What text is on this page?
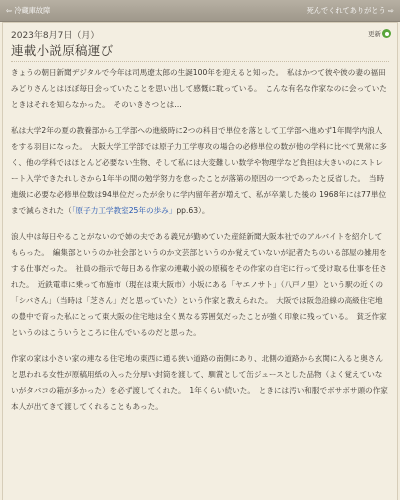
⇦ 冷蔵庫故障	死んでくれてありがとう ⇨
2023年8月7日（月）
連載小説原稿運び
更新

きょうの朝日新聞デジタルで今年は司馬遼太郎の生誕100年を迎えると知った。　私はかつて彼や彼の妻の福田みどりさんとはほぼ毎日会っていたことを思い出して感慨に耽っている。　こんな有名な作家なのに会っていたときはそれを知らなかった。　そのいきさつとは…

私は大学2年の夏の教養部から工学部への進級時に2つの科目で単位を落として工学部へ進めず1年間学内浪人をする羽目になった。　大阪大学工学部では原子力工学専攻の場合の必修単位の数が他の学科に比べて異常に多く、他の学科ではほとんど必要ない生物、そして私には大変難しい数学や物理学など負担は大きいのにストレート入学できたれしさから1年半の間の勉学努力を怠ったことが落第の原因の一つであったと反省した。　当時進級に必要な必修単位数は94単位だったが余りに学内留年者が増えて、私が卒業した後の 1968年には77単位まで減らされた（「原子力工学教室25年の歩み」pp.63）。

浪人中は毎日やることがないので姉の夫である義兄が勤めていた産経新聞大阪本社でのアルバイトを紹介してもらった。　編集部というのか社会部というのか文芸部というのか覚えていないが記者たちのいる部屋の雑用をする仕事だった。　社員の指示で毎日ある作家の連載小説の原稿をその作家の自宅に行って受け取る仕事を任された。　近鉄電車に乗って布施市（現在は東大阪市）小坂にある「ヤエノサト」（八戸ノ里）という駅の近くの「シバさん」（当時は「芝さん」だと思っていた）という作家と教えられた。　大阪では阪急沿線の高級住宅地の豊中で育った私にとって東大阪の住宅地は全く異なる雰囲気だったことが強く印象に残っている。　貧乏作家というのはこういうところに住んでいるのだと思った。

作家の家は小さい家の連なる住宅地の東西に通る狭い道路の南側にあり、北側の道路から玄関に入ると奥さんと思われる女性が原稿用紙の入った分厚い封筒を渡して、馴賞として缶ジュースとした品物（よく覚えていないがタバコの箱が多かった）を必ず渡してくれた。　1年くらい続いた。　ときには汚い和服でボサボサ頭の作家本人が出てきて渡してくれることもあった。
